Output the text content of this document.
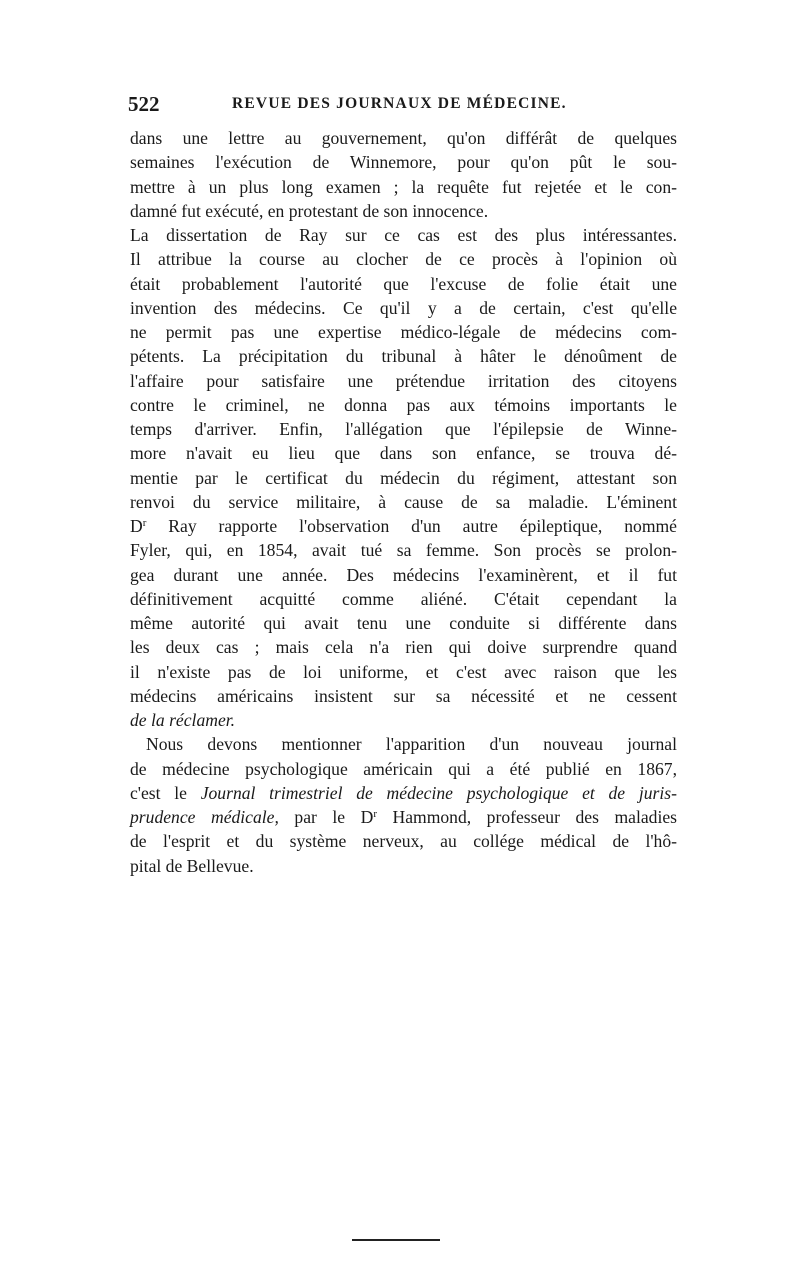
522	REVUE DES JOURNAUX DE MÉDECINE.
dans une lettre au gouvernement, qu'on différât de quelques
semaines l'exécution de Winnemore, pour qu'on pût le sou-
mettre à un plus long examen ; la requête fut rejetée et le con-
damné fut exécuté, en protestant de son innocence.
La dissertation de Ray sur ce cas est des plus intéressantes.
Il attribue la course au clocher de ce procès à l'opinion où
était probablement l'autorité que l'excuse de folie était une
invention des médecins. Ce qu'il y a de certain, c'est qu'elle
ne permit pas une expertise médico-légale de médecins com-
pétents. La précipitation du tribunal à hâter le dénoûment de
l'affaire pour satisfaire une prétendue irritation des citoyens
contre le criminel, ne donna pas aux témoins importants le
temps d'arriver. Enfin, l'allégation que l'épilepsie de Winne-
more n'avait eu lieu que dans son enfance, se trouva dé-
mentie par le certificat du médecin du régiment, attestant son
renvoi du service militaire, à cause de sa maladie. L'éminent
$D^r$ Ray rapporte l'observation d'un autre épileptique, nommé
Fyler, qui, en 1854, avait tué sa femme. Son procès se prolon-
gea durant une année. Des médecins l'examinèrent, et il fut
définitivement acquitté comme aliéné. C'était cependant la
même autorité qui avait tenu une conduite si différente dans
les deux cas ; mais cela n'a rien qui doive surprendre quand
il n'existe pas de loi uniforme, et c'est avec raison que les
médecins américains insistent sur sa nécessité et ne cessent
de la réclamer.
Nous devons mentionner l'apparition d'un nouveau journal
de médecine psychologique américain qui a été publié en 1867,
c'est le Journal trimestriel de médecine psychologique et de juris-
prudence médicale, par le $D^r$ Hammond, professeur des maladies
de l'esprit et du système nerveux, au collége médical de l'hô-
pital de Bellevue.
